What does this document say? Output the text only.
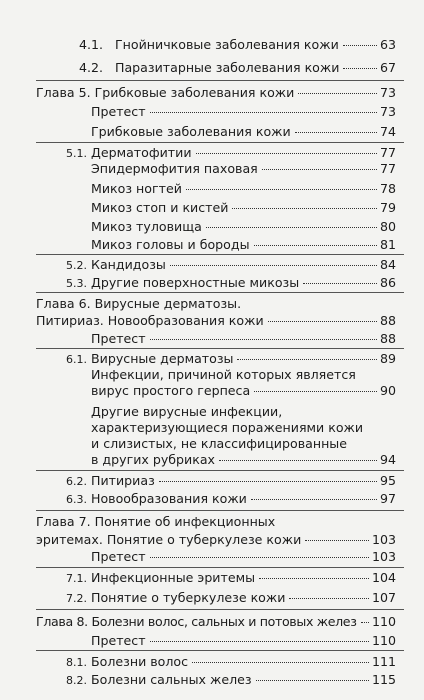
4.1. Гнойничковые заболевания кожи	63
4.2. Паразитарные заболевания кожи	67
Глава 5. Грибковые заболевания кожи	73
Претест	73
Грибковые заболевания кожи	74
5.1. Дерматофитии	77
Эпидермофития паховая	77
Микоз ногтей	78
Микоз стоп и кистей	79
Микоз туловища	80
Микоз головы и бороды	81
5.2. Кандидозы	84
5.3. Другие поверхностные микозы	86
Глава 6. Вирусные дерматозы.
Питириаз. Новообразования кожи	88
Претест	88
6.1. Вирусные дерматозы	89
Инфекции, причиной которых является
вирус простого герпеса	90
Другие вирусные инфекции,
характеризующиеся поражениями кожи
и слизистых, не классифицированные
в других рубриках	94
6.2. Питириаз	95
6.3. Новообразования кожи	97
Глава 7. Понятие об инфекционных
эритемах. Понятие о туберкулезе кожи	103
Претест	103
7.1. Инфекционные эритемы	104
7.2. Понятие о туберкулезе кожи	107
Глава 8. Болезни волос, сальных и потовых желез 110
Претест	110
8.1. Болезни волос	111
8.2. Болезни сальных желез	115
